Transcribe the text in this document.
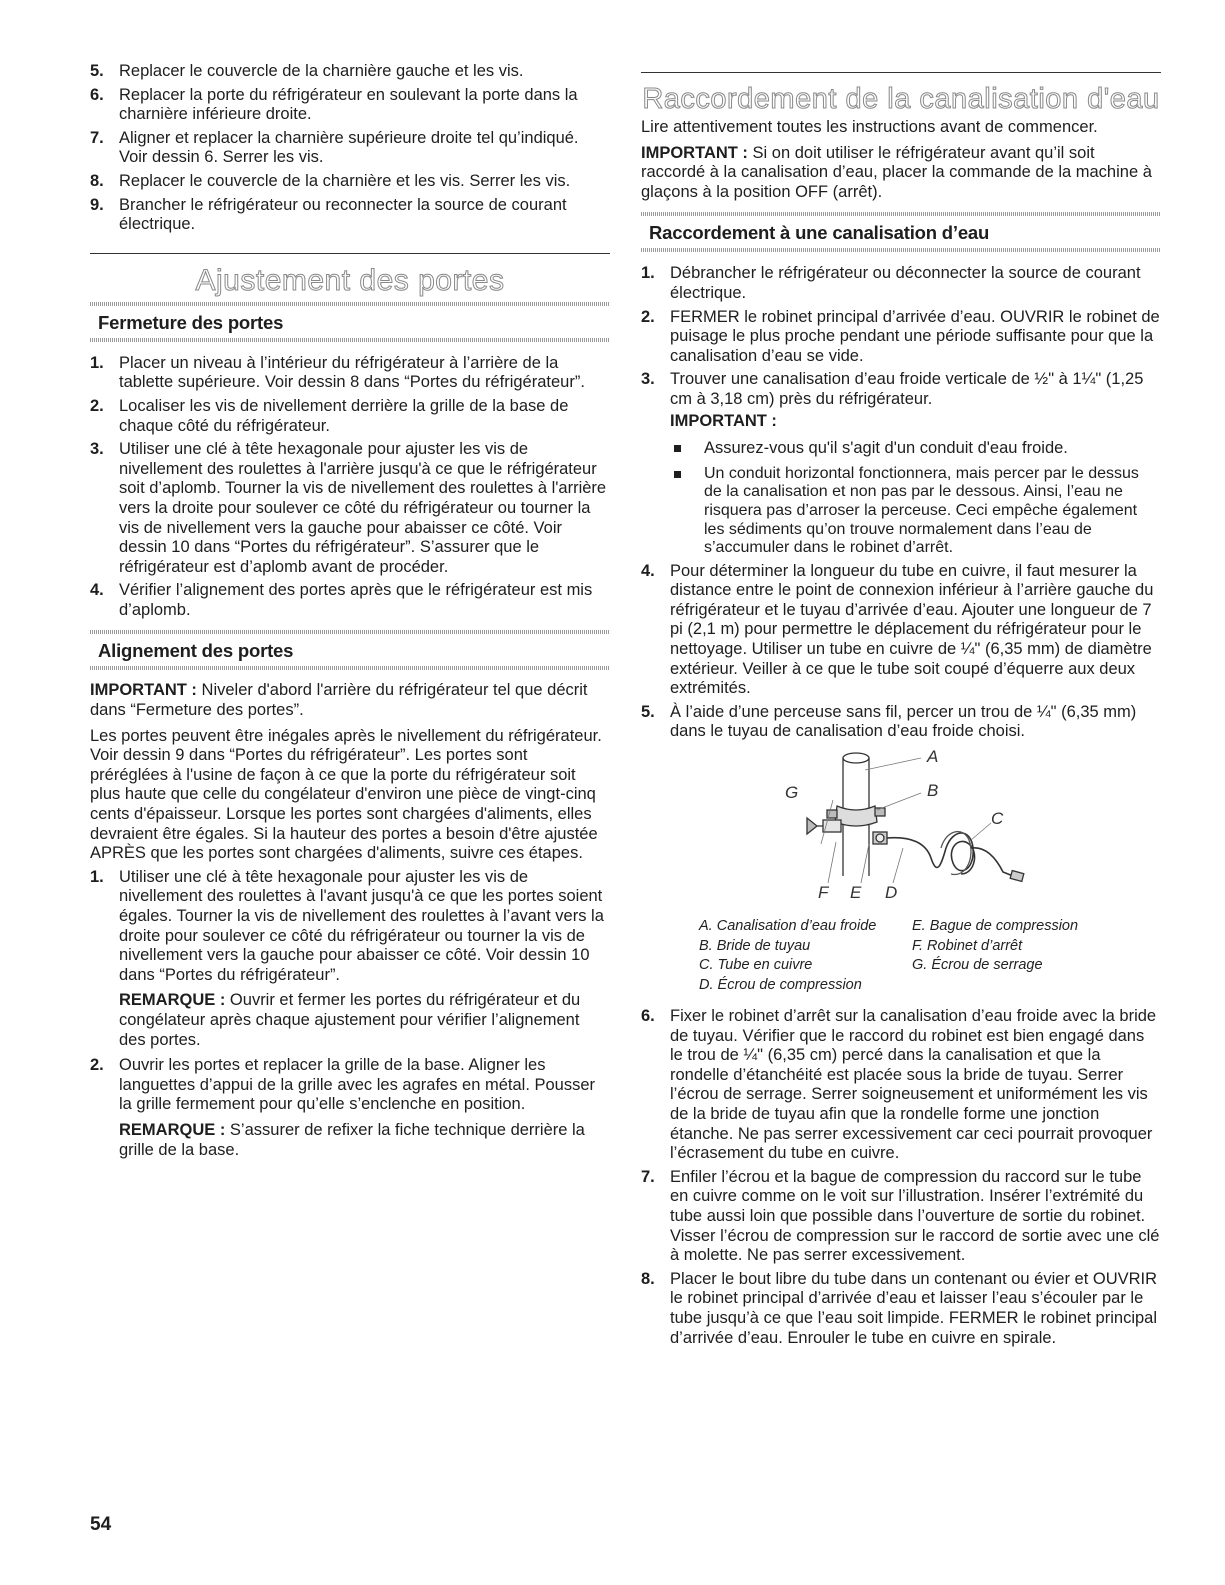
5. Replacer le couvercle de la charnière gauche et les vis.
6. Replacer la porte du réfrigérateur en soulevant la porte dans la charnière inférieure droite.
7. Aligner et replacer la charnière supérieure droite tel qu’indiqué. Voir dessin 6. Serrer les vis.
8. Replacer le couvercle de la charnière et les vis. Serrer les vis.
9. Brancher le réfrigérateur ou reconnecter la source de courant électrique.
Ajustement des portes
Fermeture des portes
1. Placer un niveau à l’intérieur du réfrigérateur à l’arrière de la tablette supérieure. Voir dessin 8 dans “Portes du réfrigérateur”.
2. Localiser les vis de nivellement derrière la grille de la base de chaque côté du réfrigérateur.
3. Utiliser une clé à tête hexagonale pour ajuster les vis de nivellement des roulettes à l'arrière jusqu'à ce que le réfrigérateur soit d’aplomb. Tourner la vis de nivellement des roulettes à l'arrière vers la droite pour soulever ce côté du réfrigérateur ou tourner la vis de nivellement vers la gauche pour abaisser ce côté. Voir dessin 10 dans “Portes du réfrigérateur”. S’assurer que le réfrigérateur est d’aplomb avant de procéder.
4. Vérifier l’alignement des portes après que le réfrigérateur est mis d’aplomb.
Alignement des portes

IMPORTANT : Niveler d'abord l'arrière du réfrigérateur tel que décrit dans “Fermeture des portes”.

Les portes peuvent être inégales après le nivellement du réfrigérateur. Voir dessin 9 dans “Portes du réfrigérateur”. Les portes sont préréglées à l'usine de façon à ce que la porte du réfrigérateur soit plus haute que celle du congélateur d'environ une pièce de vingt-cinq cents d'épaisseur. Lorsque les portes sont chargées d'aliments, elles devraient être égales. Si la hauteur des portes a besoin d'être ajustée APRÈS que les portes sont chargées d'aliments, suivre ces étapes.

1. Utiliser une clé à tête hexagonale pour ajuster les vis de nivellement des roulettes à l'avant jusqu'à ce que les portes soient égales. Tourner la vis de nivellement des roulettes à l’avant vers la droite pour soulever ce côté du réfrigérateur ou tourner la vis de nivellement vers la gauche pour abaisser ce côté. Voir dessin 10 dans “Portes du réfrigérateur”.

REMARQUE : Ouvrir et fermer les portes du réfrigérateur et du congélateur après chaque ajustement pour vérifier l’alignement des portes.

2. Ouvrir les portes et replacer la grille de la base. Aligner les languettes d’appui de la grille avec les agrafes en métal. Pousser la grille fermement pour qu’elle s’enclenche en position.

REMARQUE : S’assurer de refixer la fiche technique derrière la grille de la base.

Raccordement de la canalisation d'eau

Lire attentivement toutes les instructions avant de commencer.

IMPORTANT : Si on doit utiliser le réfrigérateur avant qu’il soit raccordé à la canalisation d’eau, placer la commande de la machine à glaçons à la position OFF (arrêt).

Raccordement à une canalisation d’eau
1. Débrancher le réfrigérateur ou déconnecter la source de courant électrique.
2. FERMER le robinet principal d’arrivée d’eau. OUVRIR le robinet de puisage le plus proche pendant une période suffisante pour que la canalisation d’eau se vide.
3. Trouver une canalisation d’eau froide verticale de ½" à 1¼" (1,25 cm à 3,18 cm) près du réfrigérateur.

IMPORTANT :

Assurez-vous qu'il s'agit d'un conduit d'eau froide.
Un conduit horizontal fonctionnera, mais percer par le dessus de la canalisation et non pas par le dessous. Ainsi, l’eau ne risquera pas d’arroser la perceuse. Ceci empêche également les sédiments qu’on trouve normalement dans l’eau de s’accumuler dans le robinet d’arrêt.
4. Pour déterminer la longueur du tube en cuivre, il faut mesurer la distance entre le point de connexion inférieur à l’arrière gauche du réfrigérateur et le tuyau d’arrivée d’eau. Ajouter une longueur de 7 pi (2,1 m) pour permettre le déplacement du réfrigérateur pour le nettoyage. Utiliser un tube en cuivre de ¼" (6,35 mm) de diamètre extérieur. Veiller à ce que le tube soit coupé d’équerre aux deux extrémités.
5. À l’aide d’une perceuse sans fil, percer un trou de ¼" (6,35 mm) dans le tuyau de canalisation d’eau froide choisi.
A
B
C
D
E
F
G
A. Canalisation d’eau froide	E. Bague de compression
B. Bride de tuyau	F. Robinet d’arrêt
C. Tube en cuivre	G. Écrou de serrage
D. Écrou de compression
6. Fixer le robinet d’arrêt sur la canalisation d’eau froide avec la bride de tuyau. Vérifier que le raccord du robinet est bien engagé dans le trou de ¼" (6,35 cm) percé dans la canalisation et que la rondelle d’étanchéité est placée sous la bride de tuyau. Serrer l’écrou de serrage. Serrer soigneusement et uniformément les vis de la bride de tuyau afin que la rondelle forme une jonction étanche. Ne pas serrer excessivement car ceci pourrait provoquer l’écrasement du tube en cuivre.
7. Enfiler l’écrou et la bague de compression du raccord sur le tube en cuivre comme on le voit sur l’illustration. Insérer l’extrémité du tube aussi loin que possible dans l’ouverture de sortie du robinet. Visser l’écrou de compression sur le raccord de sortie avec une clé à molette. Ne pas serrer excessivement.
8. Placer le bout libre du tube dans un contenant ou évier et OUVRIR le robinet principal d’arrivée d’eau et laisser l’eau s’écouler par le tube jusqu’à ce que l’eau soit limpide. FERMER le robinet principal d’arrivée d’eau. Enrouler le tube en cuivre en spirale.
54
